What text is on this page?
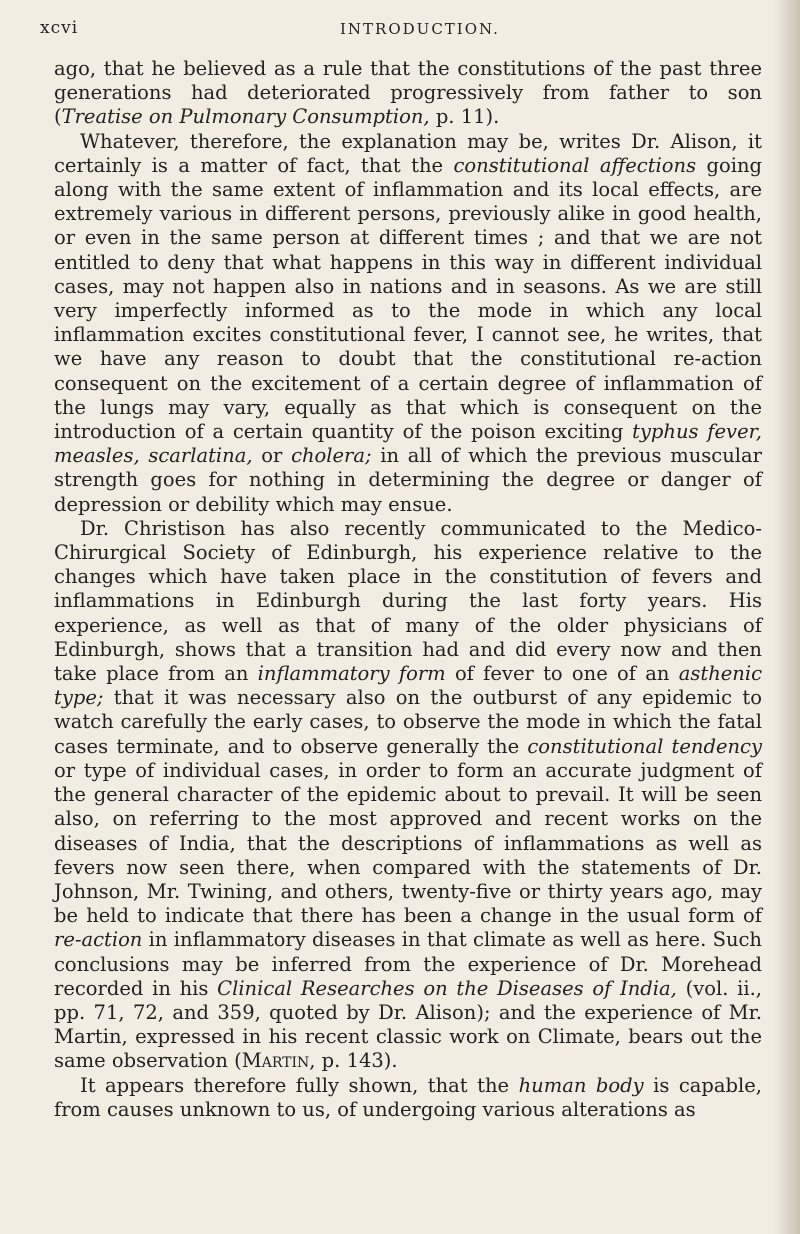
xcvi	INTRODUCTION.

ago, that he believed as a rule that the constitutions of the past three generations had deteriorated progressively from father to son (Treatise on Pulmonary Consumption, p. 11).

Whatever, therefore, the explanation may be, writes Dr. Alison, it certainly is a matter of fact, that the constitutional affections going along with the same extent of inflammation and its local effects, are extremely various in different persons, previously alike in good health, or even in the same person at different times ; and that we are not entitled to deny that what happens in this way in different individual cases, may not happen also in nations and in seasons. As we are still very imperfectly informed as to the mode in which any local inflammation excites constitutional fever, I cannot see, he writes, that we have any reason to doubt that the constitutional re-action consequent on the excitement of a certain degree of inflammation of the lungs may vary, equally as that which is consequent on the introduction of a certain quantity of the poison exciting typhus fever, measles, scarlatina, or cholera; in all of which the previous muscular strength goes for nothing in determining the degree or danger of depression or debility which may ensue.

Dr. Christison has also recently communicated to the Medico-Chirurgical Society of Edinburgh, his experience relative to the changes which have taken place in the constitution of fevers and inflammations in Edinburgh during the last forty years. His experience, as well as that of many of the older physicians of Edinburgh, shows that a transition had and did every now and then take place from an inflammatory form of fever to one of an asthenic type; that it was necessary also on the outburst of any epidemic to watch carefully the early cases, to observe the mode in which the fatal cases terminate, and to observe generally the constitutional tendency or type of individual cases, in order to form an accurate judgment of the general character of the epidemic about to prevail. It will be seen also, on referring to the most approved and recent works on the diseases of India, that the descriptions of inflammations as well as fevers now seen there, when compared with the statements of Dr. Johnson, Mr. Twining, and others, twenty-five or thirty years ago, may be held to indicate that there has been a change in the usual form of re-action in inflammatory diseases in that climate as well as here. Such conclusions may be inferred from the experience of Dr. Morehead recorded in his Clinical Researches on the Diseases of India, (vol. ii., pp. 71, 72, and 359, quoted by Dr. Alison); and the experience of Mr. Martin, expressed in his recent classic work on Climate, bears out the same observation (Martin, p. 143).

It appears therefore fully shown, that the human body is capable, from causes unknown to us, of undergoing various alterations as
